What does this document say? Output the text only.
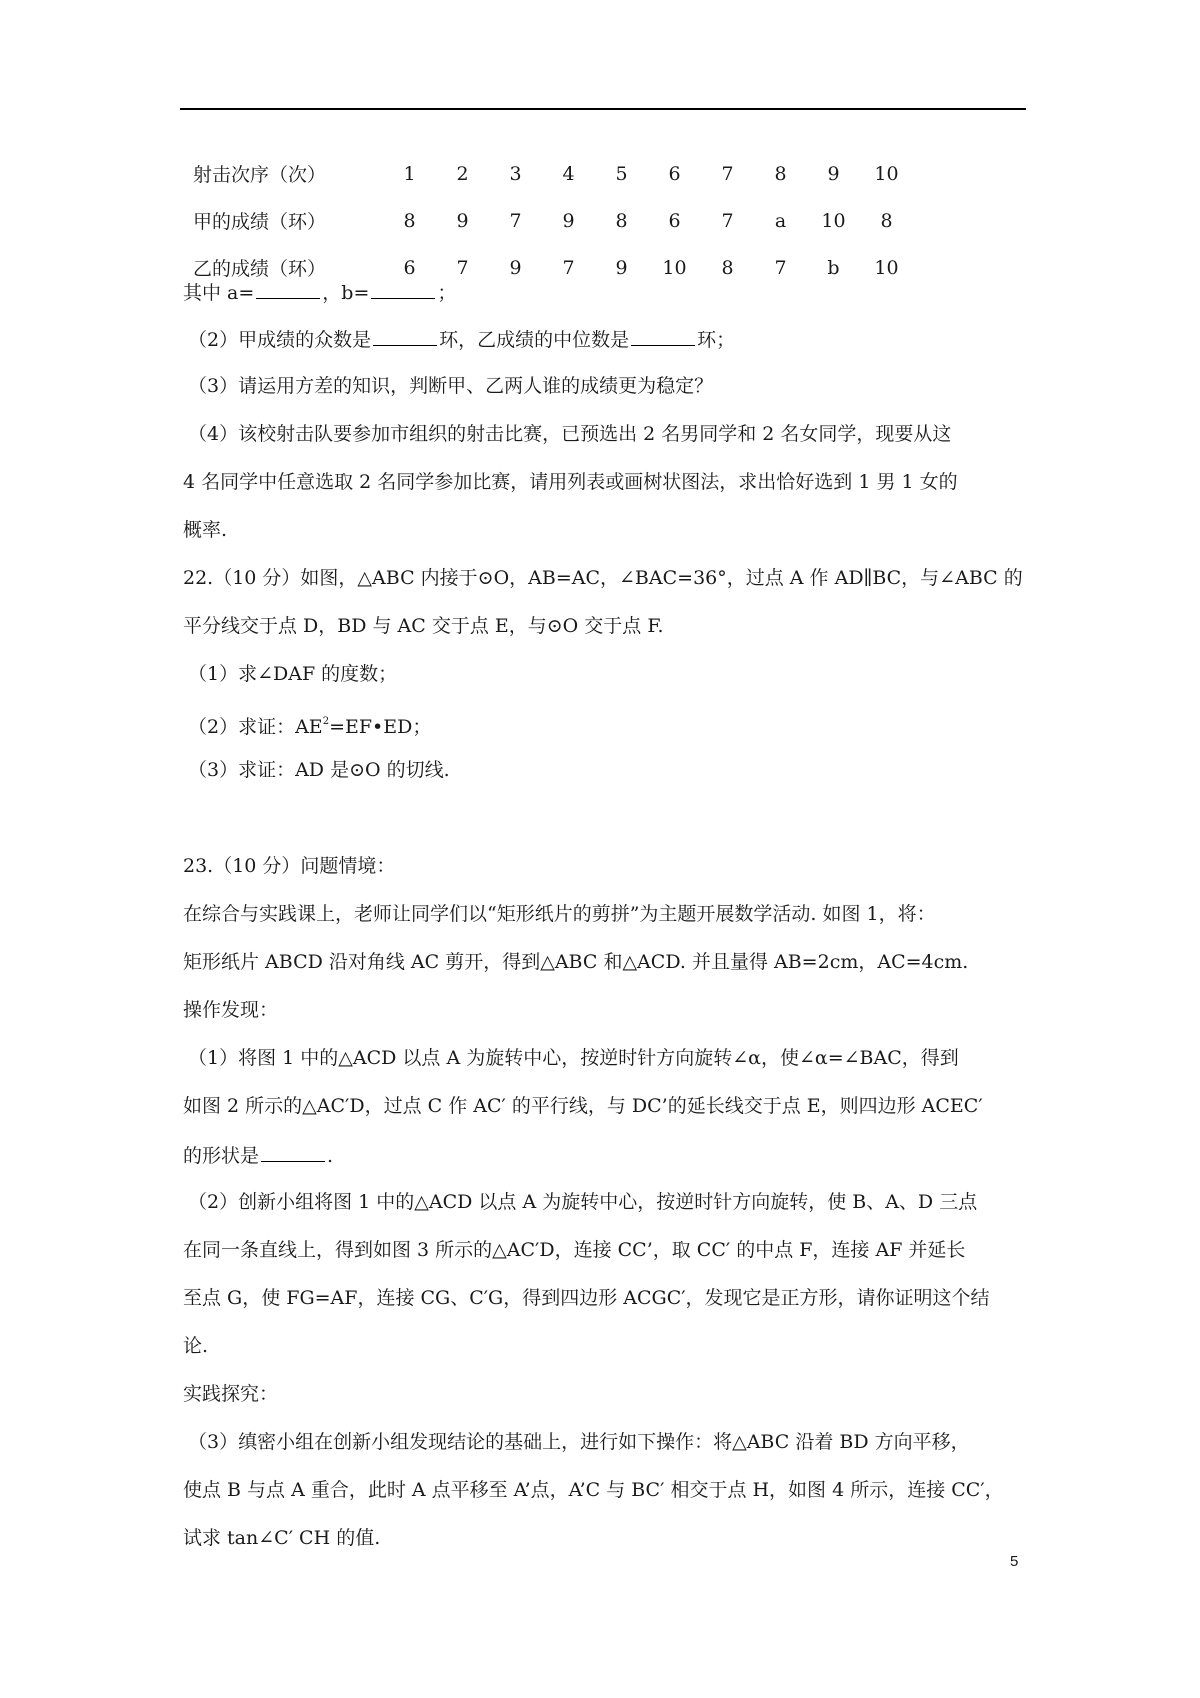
射击次序（次）	1	2	3	4	5	6	7	8	9	10
甲的成绩（环）	8	9	7	9	8	6	7	a	10	8
乙的成绩（环）	6	7	9	7	9	10	8	7	b	10
其中 a=	，b=	；
（2）甲成绩的众数是	环，乙成绩的中位数是	环；
（3）请运用方差的知识，判断甲、乙两人谁的成绩更为稳定？
（4）该校射击队要参加市组织的射击比赛，已预选出 2 名男同学和 2 名女同学，现要从这
4 名同学中任意选取 2 名同学参加比赛，请用列表或画树状图法，求出恰好选到 1 男 1 女的
概率.
22.（10 分）如图，△ABC 内接于⊙O，AB=AC，∠BAC=36°，过点 A 作 AD∥BC，与∠ABC 的
平分线交于点 D，BD 与 AC 交于点 E，与⊙O 交于点 F.
（1）求∠DAF 的度数；
（2）求证：$AE^2=EF•ED$；
（3）求证：AD 是⊙O 的切线.
23.（10 分）问题情境：
在综合与实践课上，老师让同学们以“矩形纸片的剪拼”为主题开展数学活动. 如图 1，将：
矩形纸片 ABCD 沿对角线 AC 剪开，得到△ABC 和△ACD. 并且量得 AB=2cm，AC=4cm.
操作发现：
（1）将图 1 中的△ACD 以点 A 为旋转中心，按逆时针方向旋转∠α，使∠α=∠BAC，得到
如图 2 所示的△AC′D，过点 C 作 AC′ 的平行线，与 DC’的延长线交于点 E，则四边形 ACEC′
的形状是	.
（2）创新小组将图 1 中的△ACD 以点 A 为旋转中心，按逆时针方向旋转，使 B、A、D 三点
在同一条直线上，得到如图 3 所示的△AC′D，连接 CC’，取 CC′ 的中点 F，连接 AF 并延长
至点 G，使 FG=AF，连接 CG、C′G，得到四边形 ACGC′，发现它是正方形，请你证明这个结
论.
实践探究：
（3）缜密小组在创新小组发现结论的基础上，进行如下操作：将△ABC 沿着 BD 方向平移，
使点 B 与点 A 重合，此时 A 点平移至 A’点，A’C 与 BC′ 相交于点 H，如图 4 所示，连接 CC′，
试求 tan∠C′ CH 的值.
5
